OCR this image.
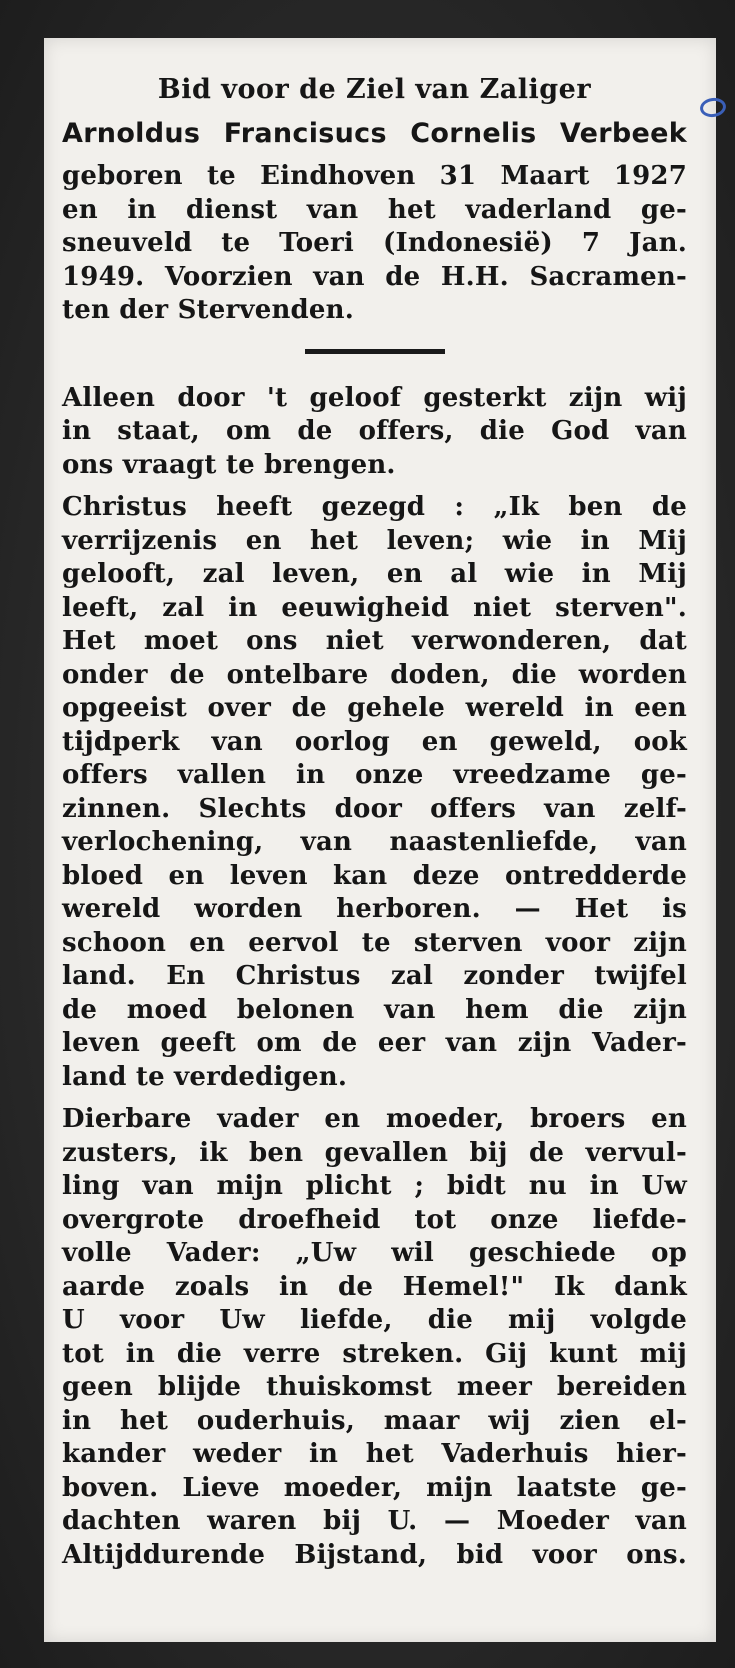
Bid voor de Ziel van Zaliger

Arnoldus Francisucs Cornelis Verbeek

geboren te Eindhoven 31 Maart 1927
en in dienst van het vaderland ge-
sneuveld te Toeri (Indonesië) 7 Jan.
1949. Voorzien van de H.H. Sacramen-
ten der Stervenden.
Alleen door 't geloof gesterkt zijn wij
in staat, om de offers, die God van
ons vraagt te brengen.
Christus heeft gezegd : „Ik ben de
verrijzenis en het leven; wie in Mij
gelooft, zal leven, en al wie in Mij
leeft, zal in eeuwigheid niet sterven".
Het moet ons niet verwonderen, dat
onder de ontelbare doden, die worden
opgeeist over de gehele wereld in een
tijdperk van oorlog en geweld, ook
offers vallen in onze vreedzame ge-
zinnen. Slechts door offers van zelf-
verlochening, van naastenliefde, van
bloed en leven kan deze ontredderde
wereld worden herboren. — Het is
schoon en eervol te sterven voor zijn
land. En Christus zal zonder twijfel
de moed belonen van hem die zijn
leven geeft om de eer van zijn Vader-
land te verdedigen.
Dierbare vader en moeder, broers en
zusters, ik ben gevallen bij de vervul-
ling van mijn plicht ; bidt nu in Uw
overgrote droefheid tot onze liefde-
volle Vader: „Uw wil geschiede op
aarde zoals in de Hemel!" Ik dank
U voor Uw liefde, die mij volgde
tot in die verre streken. Gij kunt mij
geen blijde thuiskomst meer bereiden
in het ouderhuis, maar wij zien el-
kander weder in het Vaderhuis hier-
boven. Lieve moeder, mijn laatste ge-
dachten waren bij U. — Moeder van
Altijddurende Bijstand, bid voor ons.
